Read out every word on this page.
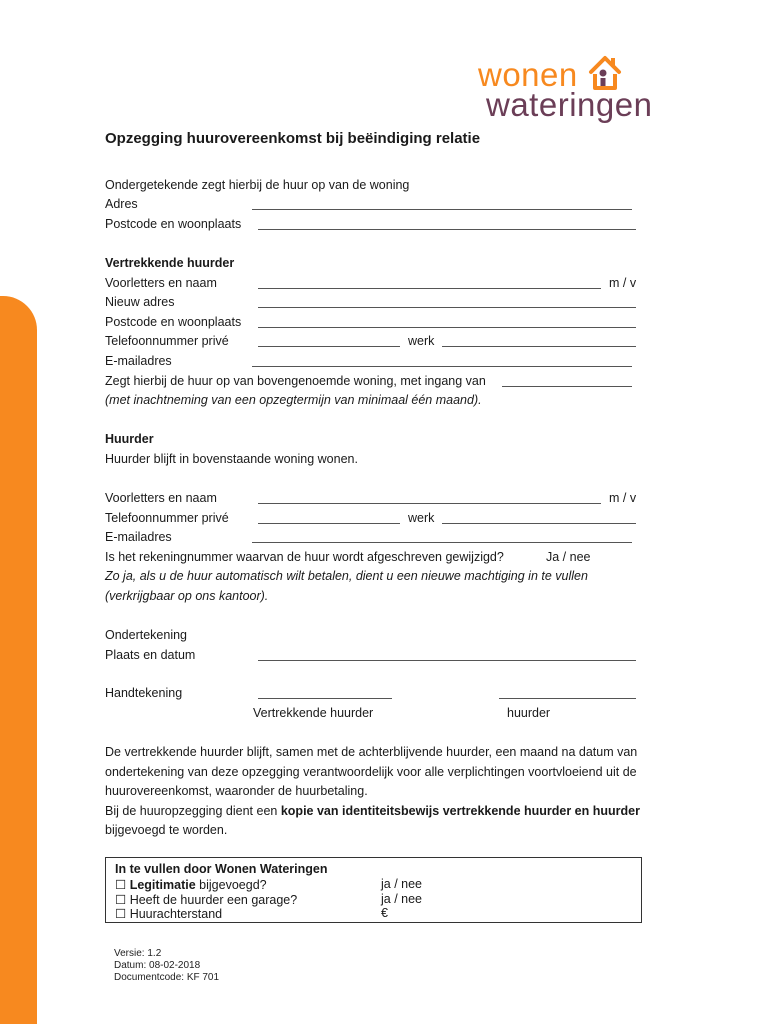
wonen
wateringen
Opzegging huurovereenkomst bij beëindiging relatie
Ondergetekende zegt hierbij de huur op van de woning
Adres
Postcode en woonplaats
Vertrekkende huurder
Voorletters en naam	m / v
Nieuw adres
Postcode en woonplaats
Telefoonnummer privé	werk
E-mailadres
Zegt hierbij de huur op van bovengenoemde woning, met ingang van
(met inachtneming van een opzegtermijn van minimaal één maand).
Huurder
Huurder blijft in bovenstaande woning wonen.
Voorletters en naam	m / v
Telefoonnummer privé	werk
E-mailadres
Is het rekeningnummer waarvan de huur wordt afgeschreven gewijzigd?	Ja / nee
Zo ja, als u de huur automatisch wilt betalen, dient u een nieuwe machtiging in te vullen
(verkrijgbaar op ons kantoor).
Ondertekening
Plaats en datum
Handtekening
Vertrekkende huurder	huurder
De vertrekkende huurder blijft, samen met de achterblijvende huurder, een maand na datum van
ondertekening van deze opzegging verantwoordelijk voor alle verplichtingen voortvloeiend uit de
huurovereenkomst, waaronder de huurbetaling.
Bij de huuropzegging dient een kopie van identiteitsbewijs vertrekkende huurder en huurder
bijgevoegd te worden.
In te vullen door Wonen Wateringen
☐ Legitimatie bijgevoegd?	ja / nee
☐ Heeft de huurder een garage?	ja / nee
☐ Huurachterstand	€
Versie: 1.2
Datum: 08-02-2018
Documentcode: KF 701
